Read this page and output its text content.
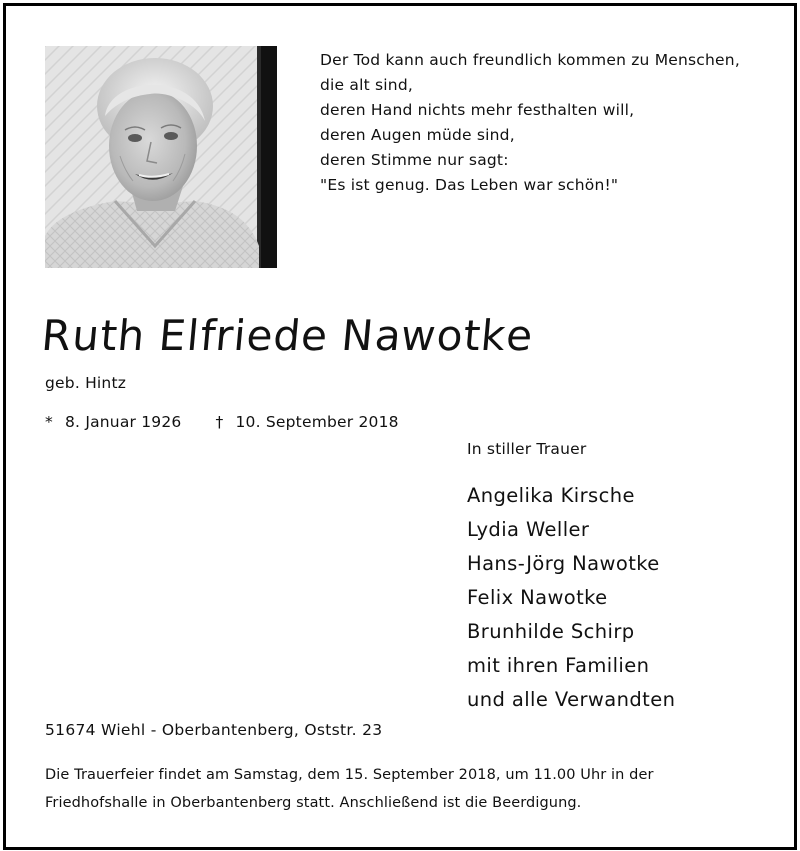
Der Tod kann auch freundlich kommen zu Menschen,
die alt sind,
deren Hand nichts mehr festhalten will,
deren Augen müde sind,
deren Stimme nur sagt:
"Es ist genug. Das Leben war schön!"
Ruth Elfriede Nawotke
geb. Hintz
* 8. Januar 1926 † 10. September 2018
In stiller Trauer
Angelika Kirsche
Lydia Weller
Hans-Jörg Nawotke
Felix Nawotke
Brunhilde Schirp
mit ihren Familien
und alle Verwandten
51674 Wiehl - Oberbantenberg, Oststr. 23
Die Trauerfeier findet am Samstag, dem 15. September 2018, um 11.00 Uhr in der
Friedhofshalle in Oberbantenberg statt. Anschließend ist die Beerdigung.
